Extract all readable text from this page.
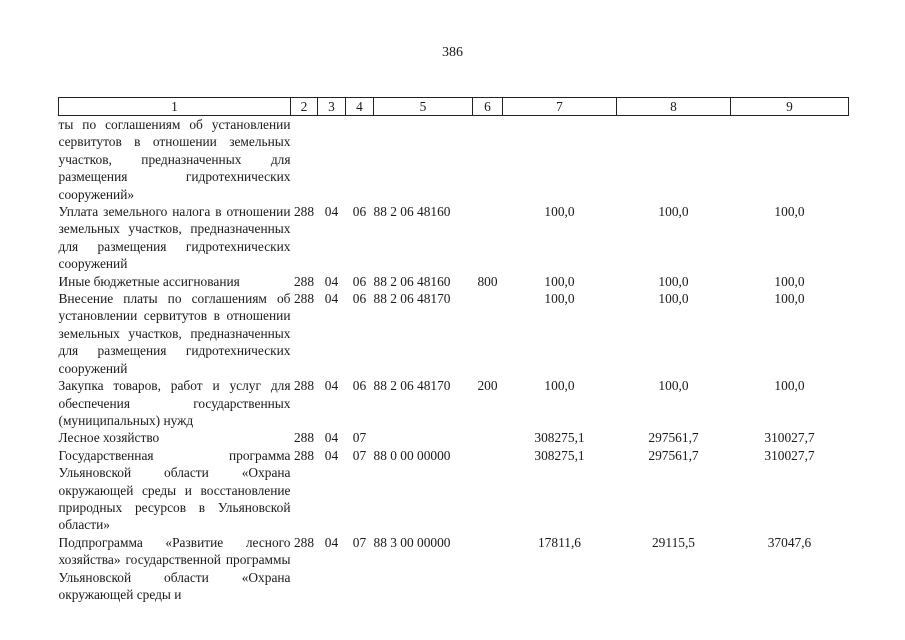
386
1	2	3	4	5	6	7	8	9
ты по соглашениям об установлении сервитутов в отношении земельных участков, предназначенных для размещения гидротехнических сооружений»								
Уплата земельного налога в отношении земельных участков, предназначенных для размещения гидротехнических сооружений	288	04	06	88 2 06 48160		100,0	100,0	100,0
Иные бюджетные ассигнования	288	04	06	88 2 06 48160	800	100,0	100,0	100,0
Внесение платы по соглашениям об установлении сервитутов в отношении земельных участков, предназначенных для размещения гидротехнических сооружений	288	04	06	88 2 06 48170		100,0	100,0	100,0
Закупка товаров, работ и услуг для обеспечения государственных (муниципальных) нужд	288	04	06	88 2 06 48170	200	100,0	100,0	100,0
Лесное хозяйство	288	04	07			308275,1	297561,7	310027,7
Государственная программа Ульяновской области «Охрана окружающей среды и восстановление природных ресурсов в Ульяновской области»	288	04	07	88 0 00 00000		308275,1	297561,7	310027,7
Подпрограмма «Развитие лесного хозяйства» государственной программы Ульяновской области «Охрана окружающей среды и	288	04	07	88 3 00 00000		17811,6	29115,5	37047,6
